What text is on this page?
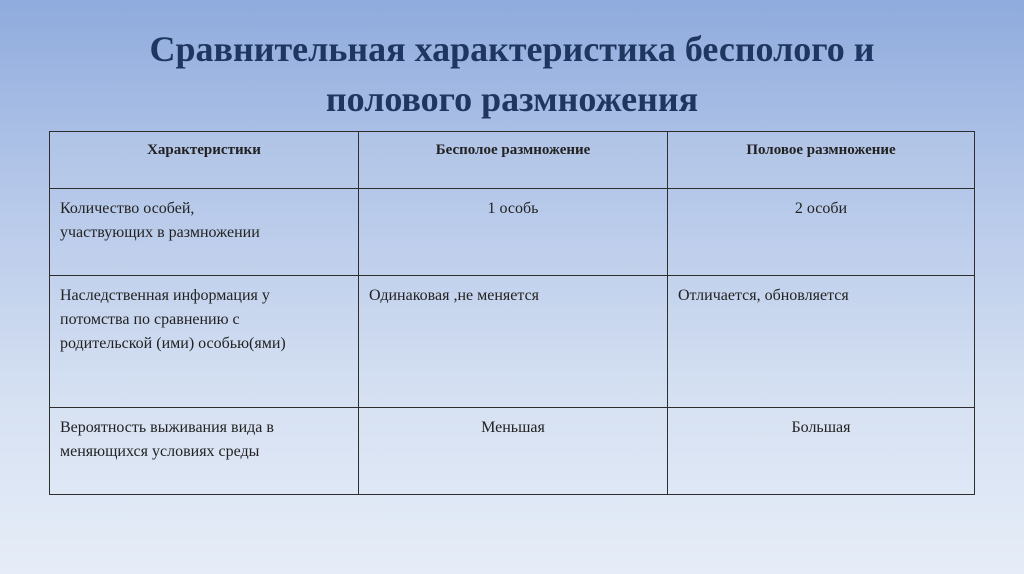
Сравнительная характеристика бесполого и
полового размножения
Характеристики	Бесполое размножение	Половое размножение

Количество особей,
участвующих в размножении	1 особь	2 особи

Наследственная информация у
потомства по сравнению с
родительской (ими) особью(ями)	Одинаковая ,не меняется	Отличается, обновляется

Вероятность выживания вида в
меняющихся условиях среды	Меньшая	Большая
